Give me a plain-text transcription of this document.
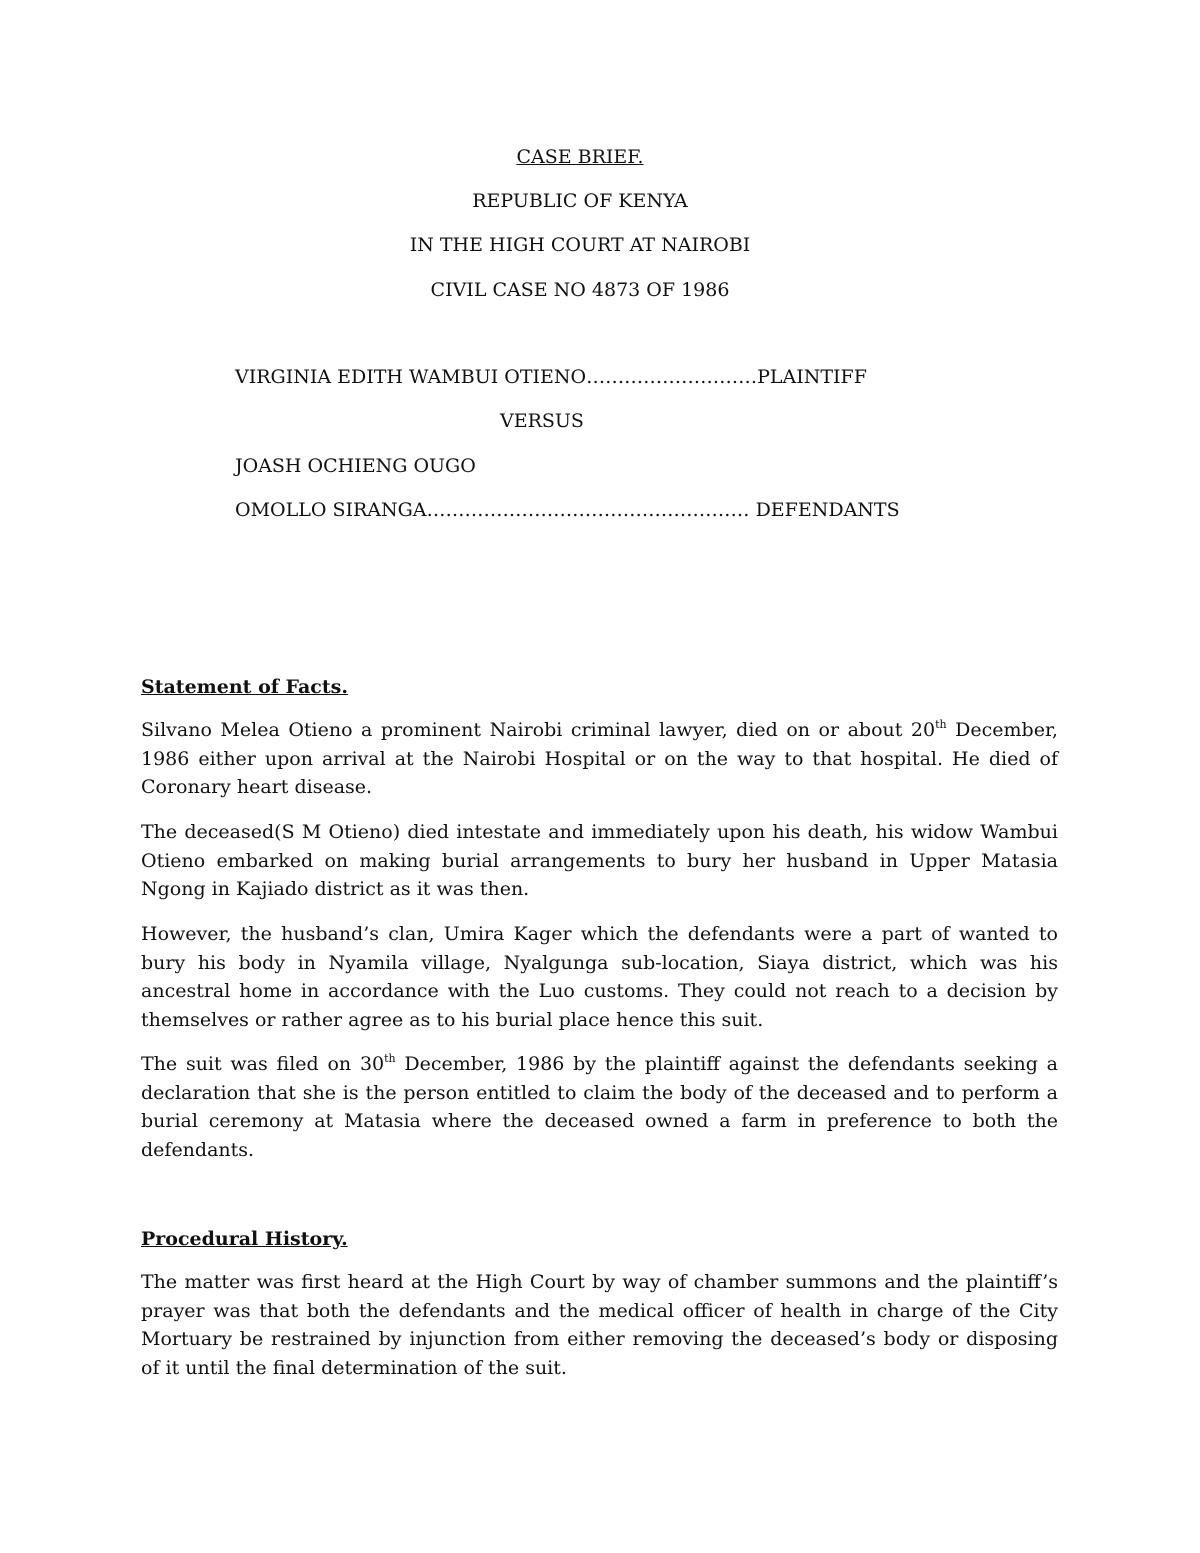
CASE BRIEF.
REPUBLIC OF KENYA
IN THE HIGH COURT AT NAIROBI
CIVIL CASE NO 4873 OF 1986
VIRGINIA EDITH WAMBUI OTIENO………………………PLAINTIFF
VERSUS
JOASH OCHIENG OUGO
OMOLLO SIRANGA…………………………………………… DEFENDANTS
Statement of Facts.

Silvano Melea Otieno a prominent Nairobi criminal lawyer, died on or about 20th December, 1986 either upon arrival at the Nairobi Hospital or on the way to that hospital. He died of Coronary heart disease.

The deceased(S M Otieno) died intestate and immediately upon his death, his widow Wambui Otieno embarked on making burial arrangements to bury her husband in Upper Matasia Ngong in Kajiado district as it was then.

However, the husband’s clan, Umira Kager which the defendants were a part of wanted to bury his body in Nyamila village, Nyalgunga sub-location, Siaya district, which was his ancestral home in accordance with the Luo customs. They could not reach to a decision by themselves or rather agree as to his burial place hence this suit.

The suit was filed on 30th December, 1986 by the plaintiff against the defendants seeking a declaration that she is the person entitled to claim the body of the deceased and to perform a burial ceremony at Matasia where the deceased owned a farm in preference to both the defendants.

Procedural History.

The matter was first heard at the High Court by way of chamber summons and the plaintiff’s prayer was that both the defendants and the medical officer of health in charge of the City Mortuary be restrained by injunction from either removing the deceased’s body or disposing of it until the final determination of the suit.
